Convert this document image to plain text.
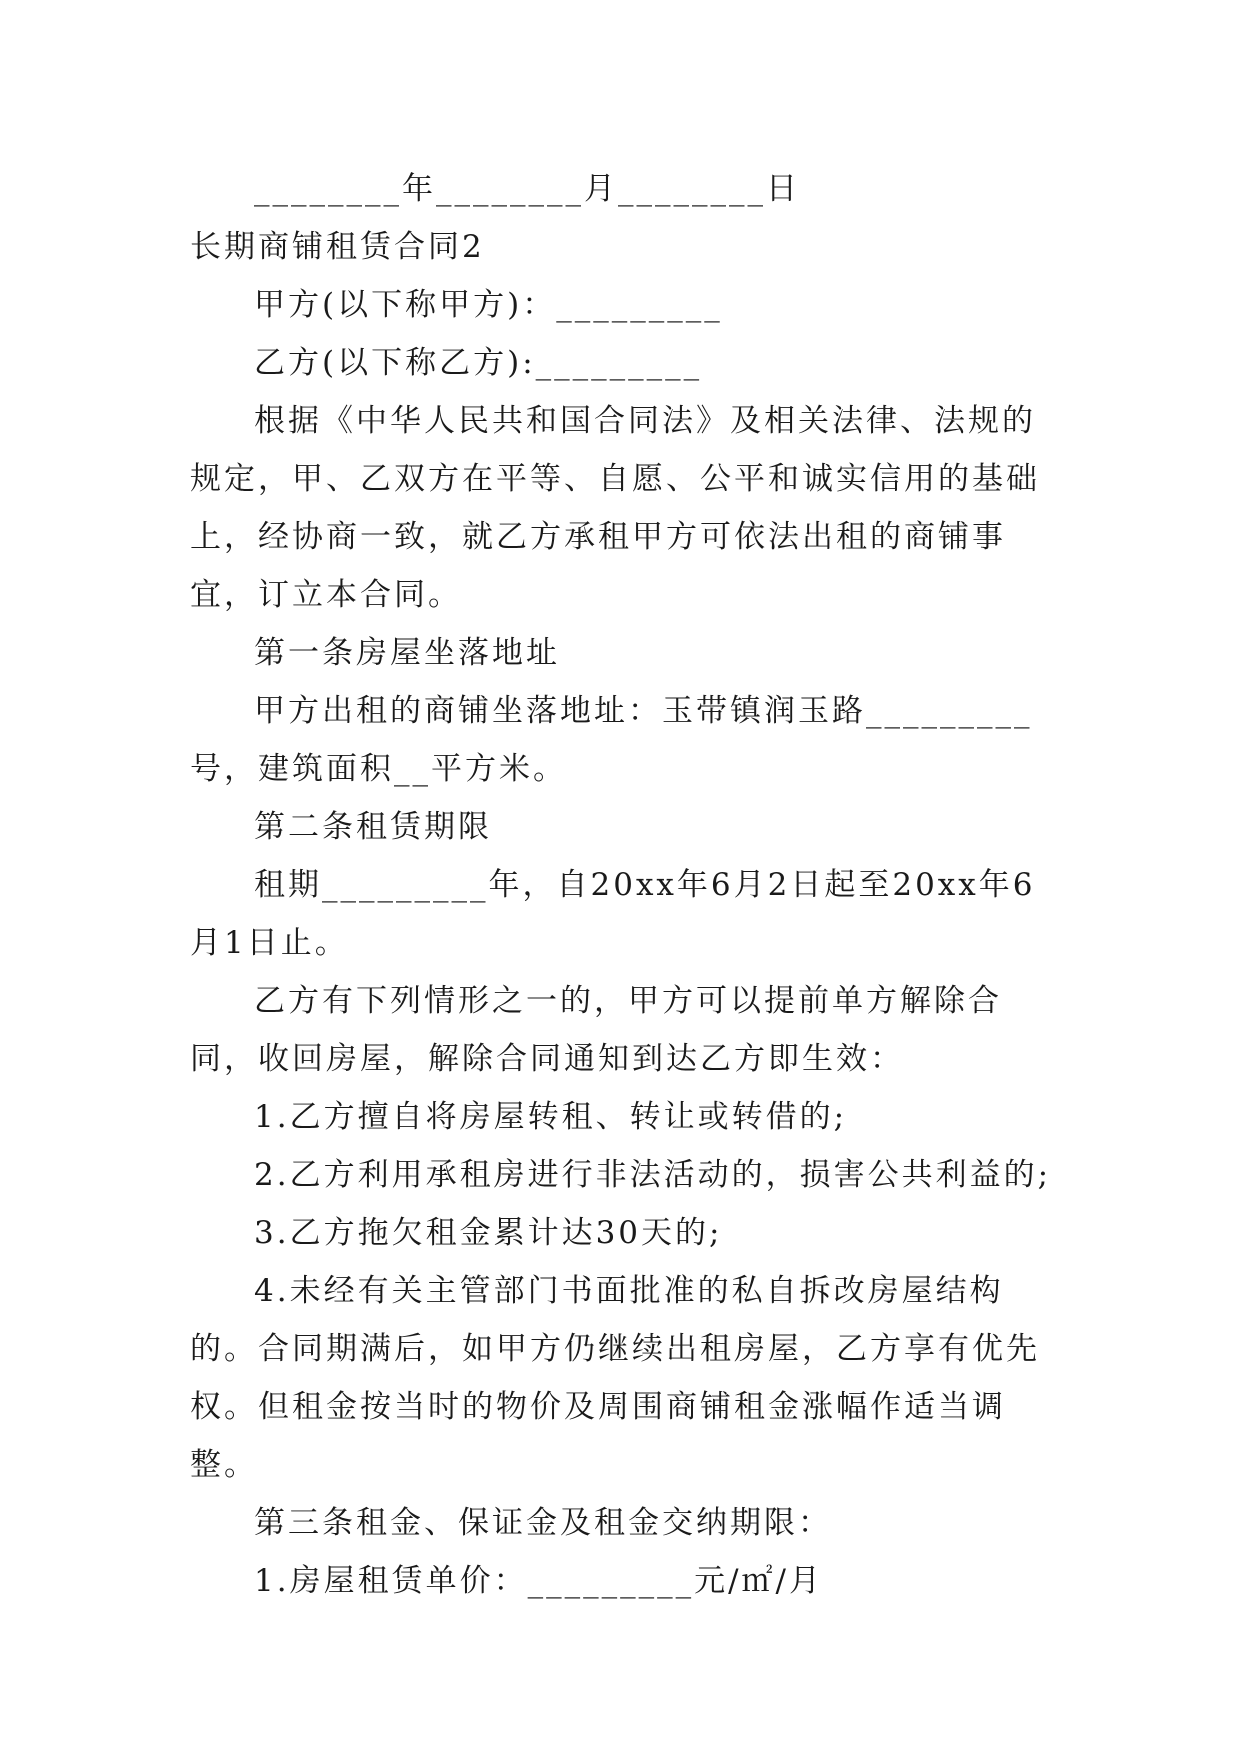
________年________月________日

长期商铺租赁合同2

甲方(以下称甲方)：_________

乙方(以下称乙方):_________

根据《中华人民共和国合同法》及相关法律、法规的规定，甲、乙双方在平等、自愿、公平和诚实信用的基础上，经协商一致，就乙方承租甲方可依法出租的商铺事宜，订立本合同。

第一条房屋坐落地址

甲方出租的商铺坐落地址：玉带镇润玉路_________号，建筑面积__平方米。

第二条租赁期限

租期_________年，自20xx年6月2日起至20xx年6月1日止。

乙方有下列情形之一的，甲方可以提前单方解除合同，收回房屋，解除合同通知到达乙方即生效：

1.乙方擅自将房屋转租、转让或转借的;

2.乙方利用承租房进行非法活动的，损害公共利益的;

3.乙方拖欠租金累计达30天的;

4.未经有关主管部门书面批准的私自拆改房屋结构的。合同期满后，如甲方仍继续出租房屋，乙方享有优先权。但租金按当时的物价及周围商铺租金涨幅作适当调整。

第三条租金、保证金及租金交纳期限：

1.房屋租赁单价：_________元/㎡/月
